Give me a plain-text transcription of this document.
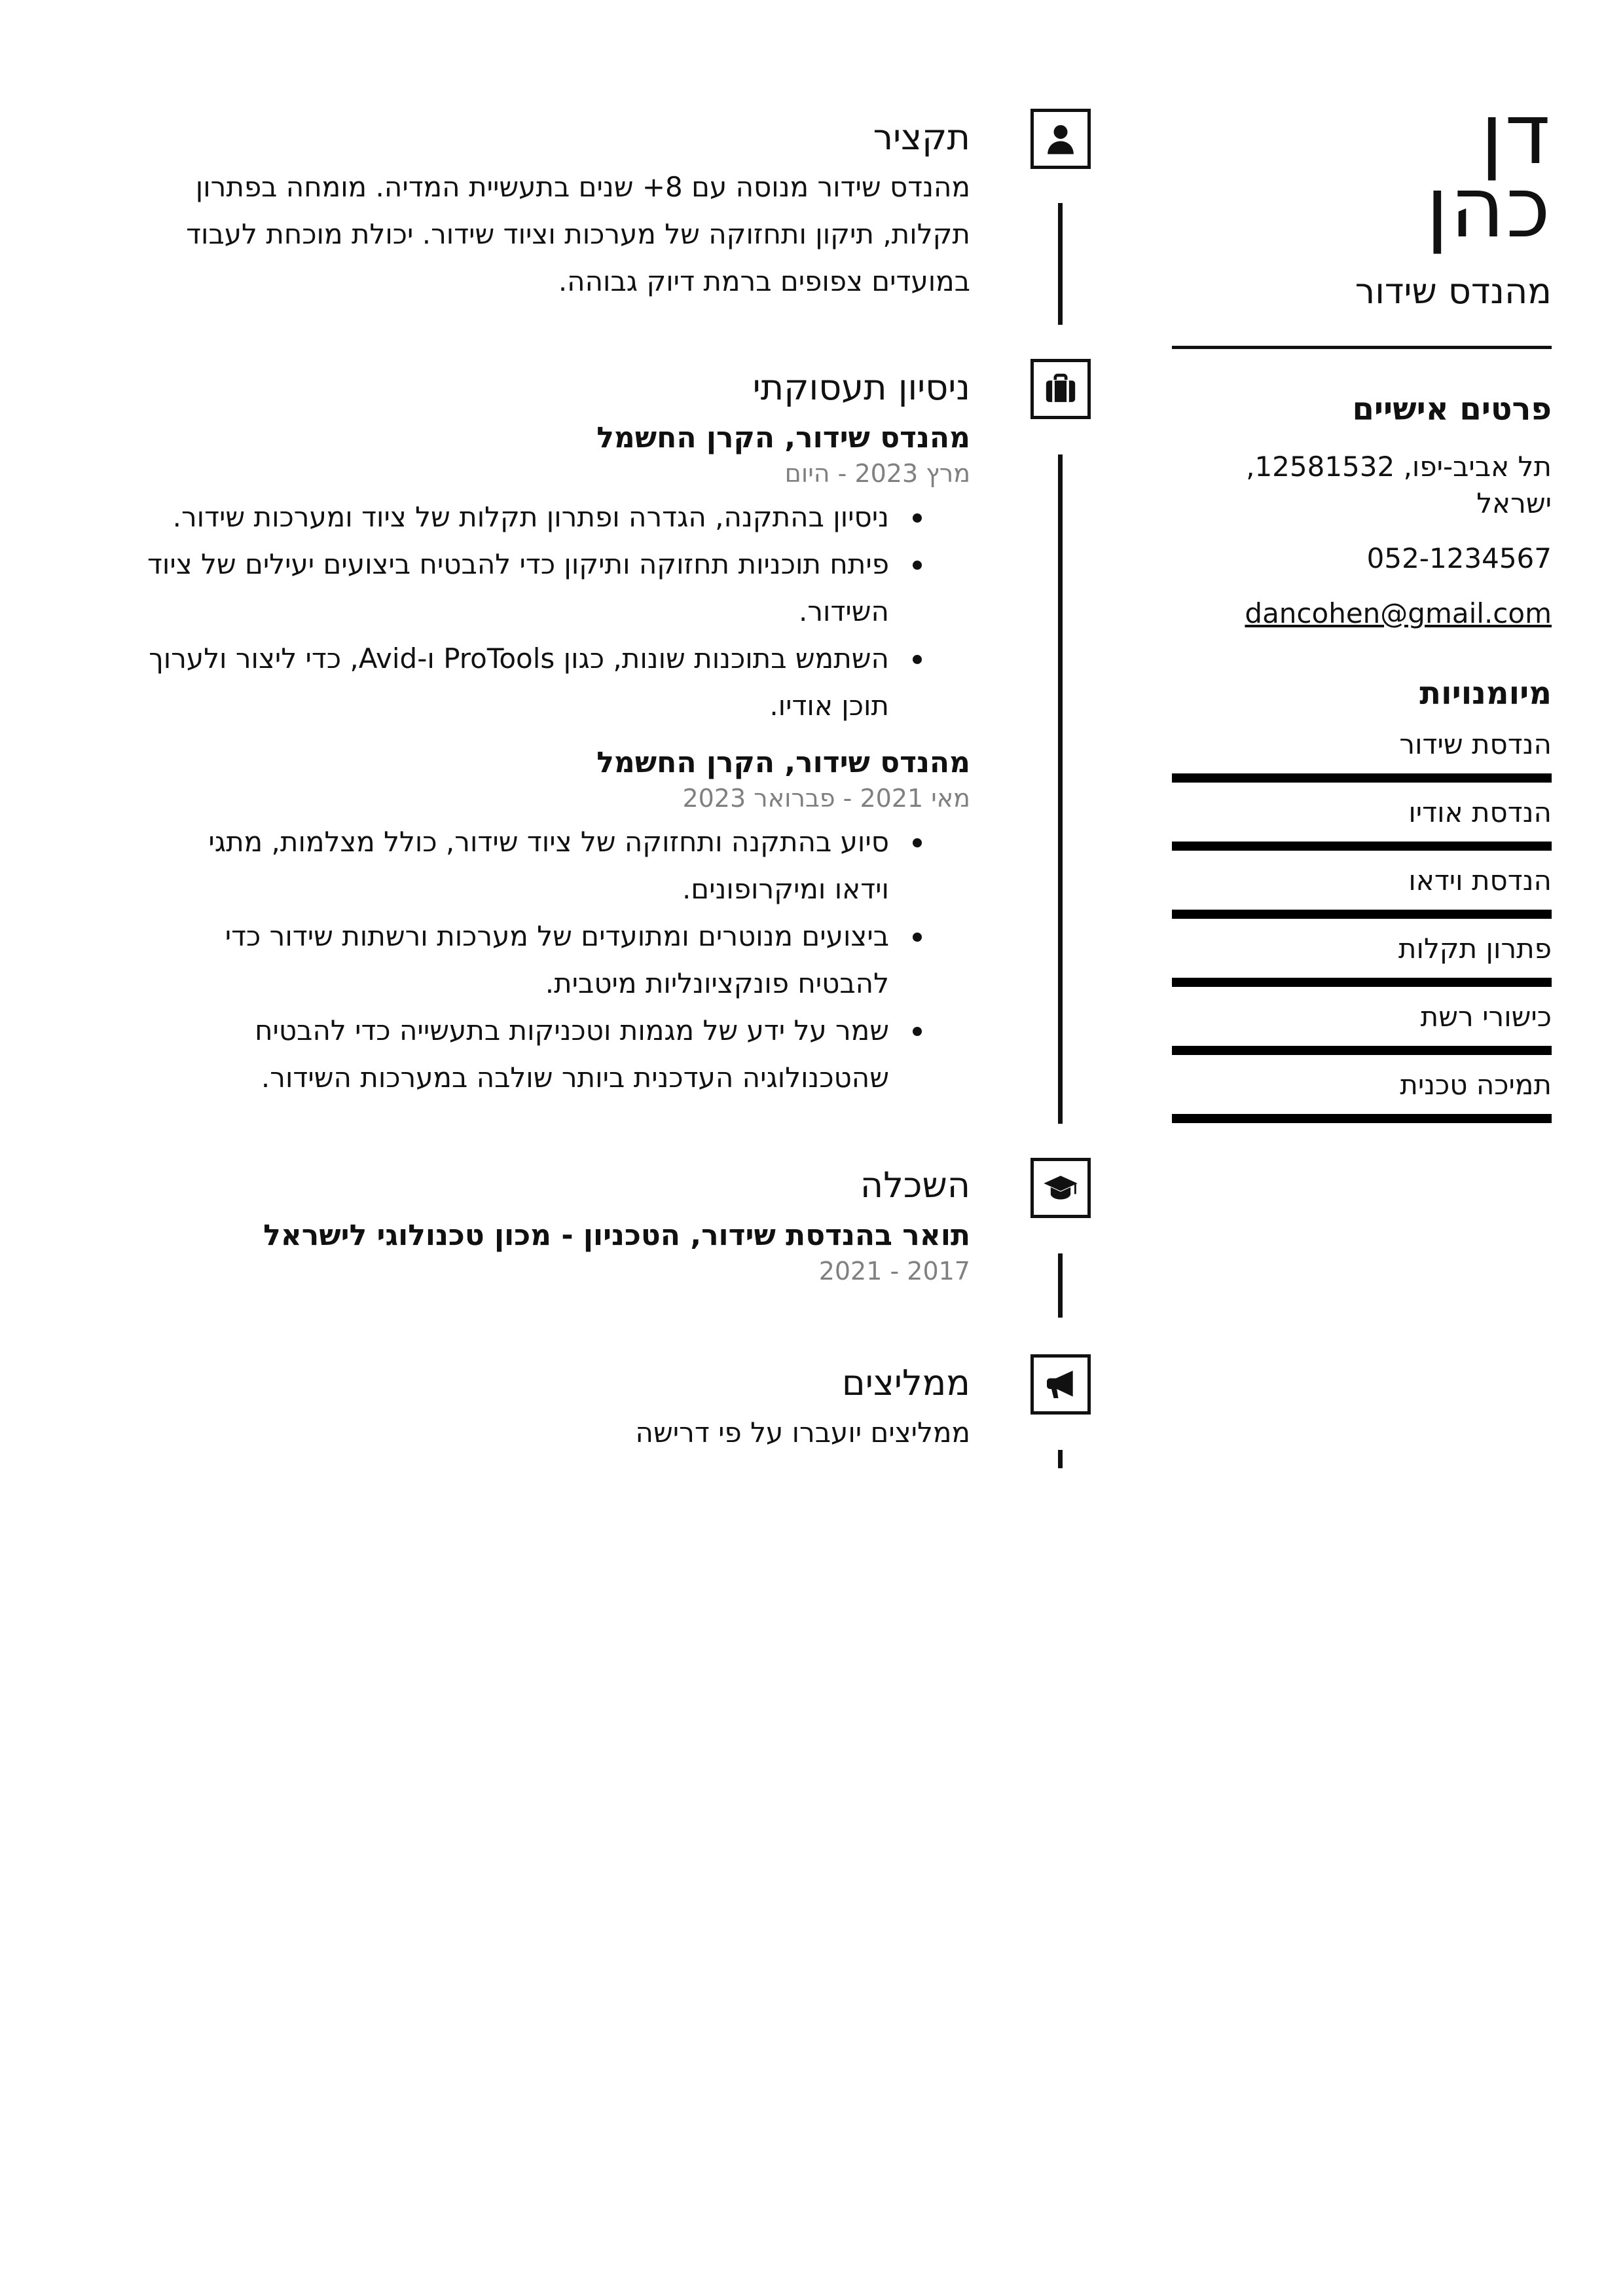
דן
כהן
מהנדס שידור
פרטים אישיים
תל אביב-יפו, 12581532, ישראל
052-1234567
dancohen@gmail.com
מיומנויות
הנדסת שידור
הנדסת אודיו
הנדסת וידאו
פתרון תקלות
כישורי רשת
תמיכה טכנית
תקציר
מהנדס שידור מנוסה עם 8+ שנים בתעשיית המדיה. מומחה בפתרון תקלות, תיקון ותחזוקה של מערכות וציוד שידור. יכולת מוכחת לעבוד במועדים צפופים ברמת דיוק גבוהה.
ניסיון תעסוקתי
מהנדס שידור, הקרן החשמל
מרץ 2023 - היום
ניסיון בהתקנה, הגדרה ופתרון תקלות של ציוד ומערכות שידור.
פיתח תוכניות תחזוקה ותיקון כדי להבטיח ביצועים יעילים של ציוד השידור.
השתמש בתוכנות שונות, כגון ProTools ו-Avid, כדי ליצור ולערוך תוכן אודיו.
מהנדס שידור, הקרן החשמל
מאי 2021 - פברואר 2023
סיוע בהתקנה ותחזוקה של ציוד שידור, כולל מצלמות, מתגי וידאו ומיקרופונים.
ביצועים מנוטרים ומתועדים של מערכות ורשתות שידור כדי להבטיח פונקציונליות מיטבית.
שמר על ידע של מגמות וטכניקות בתעשייה כדי להבטיח שהטכנולוגיה העדכנית ביותר שולבה במערכות השידור.
השכלה
תואר בהנדסת שידור, הטכניון - מכון טכנולוגי לישראל
2017 - 2021
ממליצים
ממליצים יועברו על פי דרישה
